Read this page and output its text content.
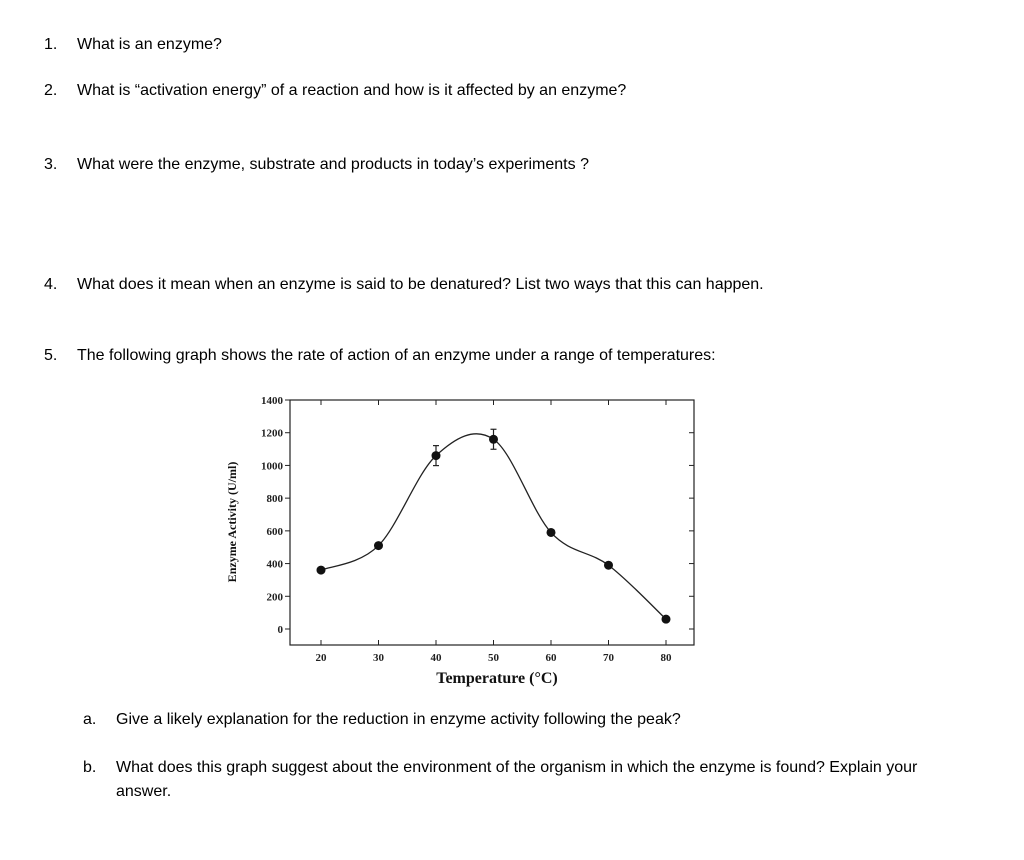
1. What is an enzyme?
2. What is “activation energy” of a reaction and how is it affected by an enzyme?
3. What were the enzyme, substrate and products in today’s experiments ?
4. What does it mean when an enzyme is said to be denatured? List two ways that this can happen.
5. The following graph shows the rate of action of an enzyme under a range of temperatures:
0
200
400
600
800
1000
1200
1400
20	30	40	50	60	70	80
Temperature (°C)
Enzyme Activity (U/ml)
a. Give a likely explanation for the reduction in enzyme activity following the peak?
b. What does this graph suggest about the environment of the organism in which the enzyme is found? Explain your answer.
